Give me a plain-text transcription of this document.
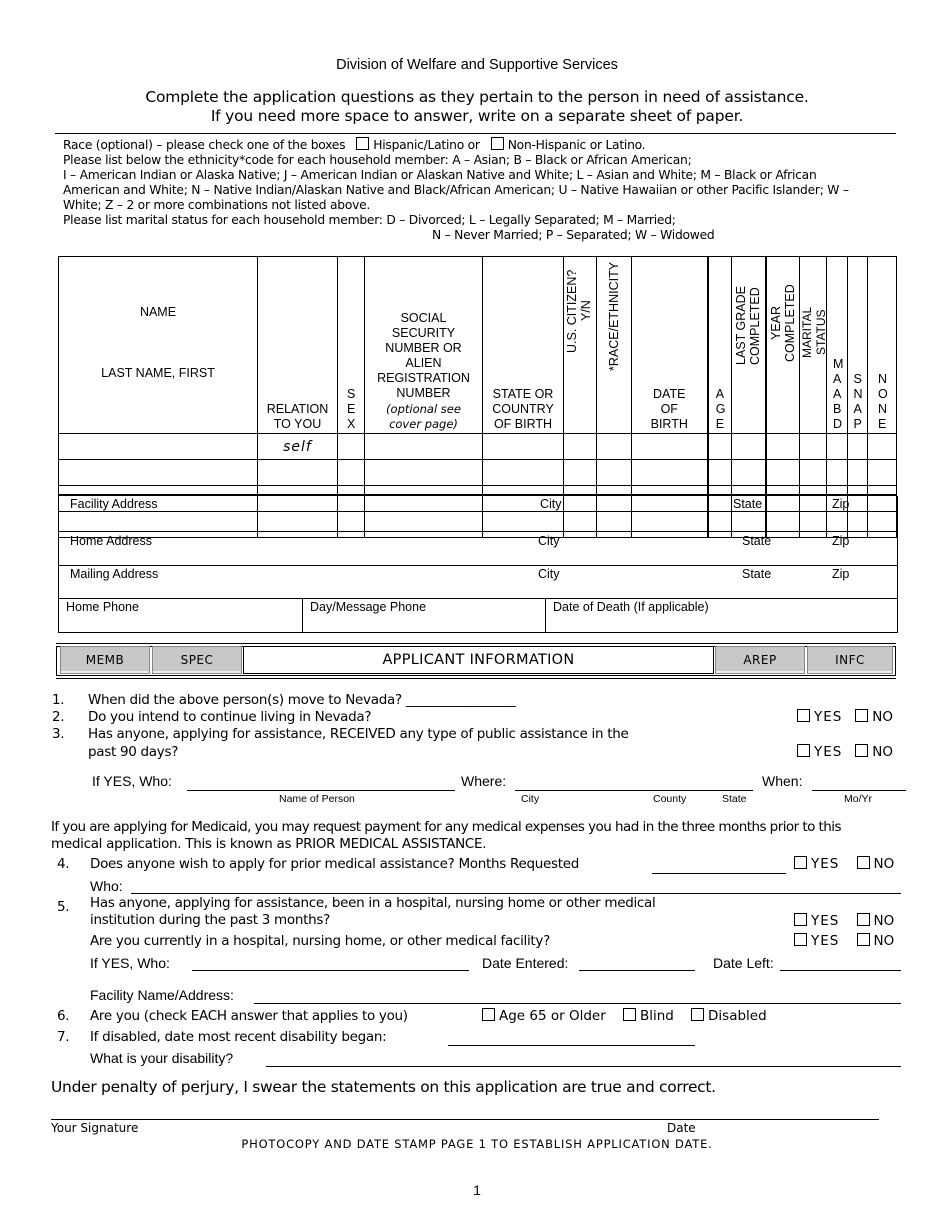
Division of Welfare and Supportive Services
Complete the application questions as they pertain to the person in need of assistance.
If you need more space to answer, write on a separate sheet of paper.
Race (optional) – please check one of the boxes Hispanic/Latino or Non-Hispanic or Latino.
Please list below the ethnicity*code for each household member: A – Asian; B – Black or African American;
I – American Indian or Alaska Native; J – American Indian or Alaskan Native and White; L – Asian and White; M – Black or African
American and White; N – Native Indian/Alaskan Native and Black/African American; U – Native Hawaiian or other Pacific Islander; W –
White; Z – 2 or more combinations not listed above.
Please list marital status for each household member: D – Divorced; L – Legally Separated; M – Married;
N – Never Married; P – Separated; W – Widowed
NAME
LAST NAME, FIRST	RELATION TO YOU	S E X	SOCIAL SECURITY NUMBER OR ALIEN REGISTRATION NUMBER (optional see cover page)	STATE OR COUNTRY OF BIRTH	U.S. CITIZEN? Y/N	*RACE/ETHNICITY	DATE OF BIRTH	A G E	LAST GRADE COMPLETED	YEAR COMPLETED	MARITAL STATUS	M A A B D	S N A P	N O N E
	self													

Facility Address	City	State	Zip
Home Address	City	State	Zip
Mailing Address	City	State	Zip
Home Phone	Day/Message Phone	Date of Death (If applicable)
MEMB	SPEC	APPLICANT INFORMATION	AREP	INFC
1. When did the above person(s) move to Nevada? _________________
2. Do you intend to continue living in Nevada?	YES NO
3. Has anyone, applying for assistance, RECEIVED any type of public assistance in the
past 90 days?	YES NO
If YES, Who:	Where:	When:
Name of Person	City	County	State	Mo/Yr
If you are applying for Medicaid, you may request payment for any medical expenses you had in the three months prior to this
medical application. This is known as PRIOR MEDICAL ASSISTANCE.
4. Does anyone wish to apply for prior medical assistance? Months Requested	YES	NO
Who:
5. Has anyone, applying for assistance, been in a hospital, nursing home or other medical
institution during the past 3 months?	YES	NO
Are you currently in a hospital, nursing home, or other medical facility?	YES	NO
If YES, Who:	Date Entered:	Date Left:
Facility Name/Address:
6. Are you (check EACH answer that applies to you)	Age 65 or Older	Blind	Disabled
7. If disabled, date most recent disability began:
What is your disability?
Under penalty of perjury, I swear the statements on this application are true and correct.
Your Signature	Date
PHOTOCOPY AND DATE STAMP PAGE 1 TO ESTABLISH APPLICATION DATE.
1
